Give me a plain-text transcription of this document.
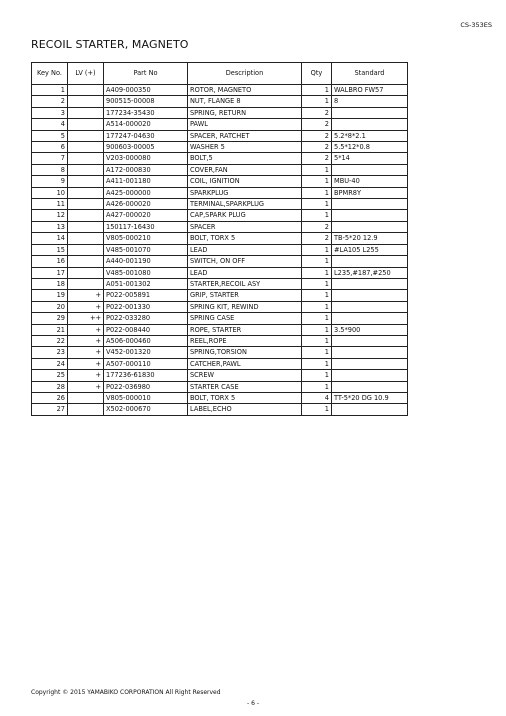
CS-353ES
RECOIL STARTER, MAGNETO
Key No.	LV (+)	Part No	Description	Qty	Standard
1		A409-000350	ROTOR, MAGNETO	1	WALBRO FW57
2		900515-00008	NUT, FLANGE 8	1	8
3		177234-35430	SPRING, RETURN	2	
4		A514-000020	PAWL	2	
5		177247-04630	SPACER, RATCHET	2	5.2*8*2.1
6		900603-00005	WASHER 5	2	5.5*12*0.8
7		V203-000080	BOLT,5	2	5*14
8		A172-000830	COVER,FAN	1	
9		A411-001180	COIL, IGNITION	1	MBU-40
10		A425-000000	SPARKPLUG	1	BPMR8Y
11		A426-000020	TERMINAL,SPARKPLUG	1	
12		A427-000020	CAP,SPARK PLUG	1	
13		150117-16430	SPACER	2	
14		V805-000210	BOLT, TORX 5	2	TB-5*20 12.9
15		V485-001070	LEAD	1	#LA105 L255
16		A440-001190	SWITCH, ON OFF	1	
17		V485-001080	LEAD	1	L235,#187,#250
18		A051-001302	STARTER,RECOIL ASY	1	
19	+	P022-005891	GRIP, STARTER	1	
20	+	P022-001330	SPRING KIT, REWIND	1	
29	++	P022-033280	SPRING CASE	1	
21	+	P022-008440	ROPE, STARTER	1	3.5*900
22	+	A506-000460	REEL,ROPE	1	
23	+	V452-001320	SPRING,TORSION	1	
24	+	A507-000110	CATCHER,PAWL	1	
25	+	177236-61830	SCREW	1	
28	+	P022-036980	STARTER CASE	1	
26		V805-000010	BOLT, TORX 5	4	TT-5*20 DG 10.9
27		X502-000670	LABEL,ECHO	1	
Copyright © 2015 YAMABIKO CORPORATION All Right Reserved
- 6 -
